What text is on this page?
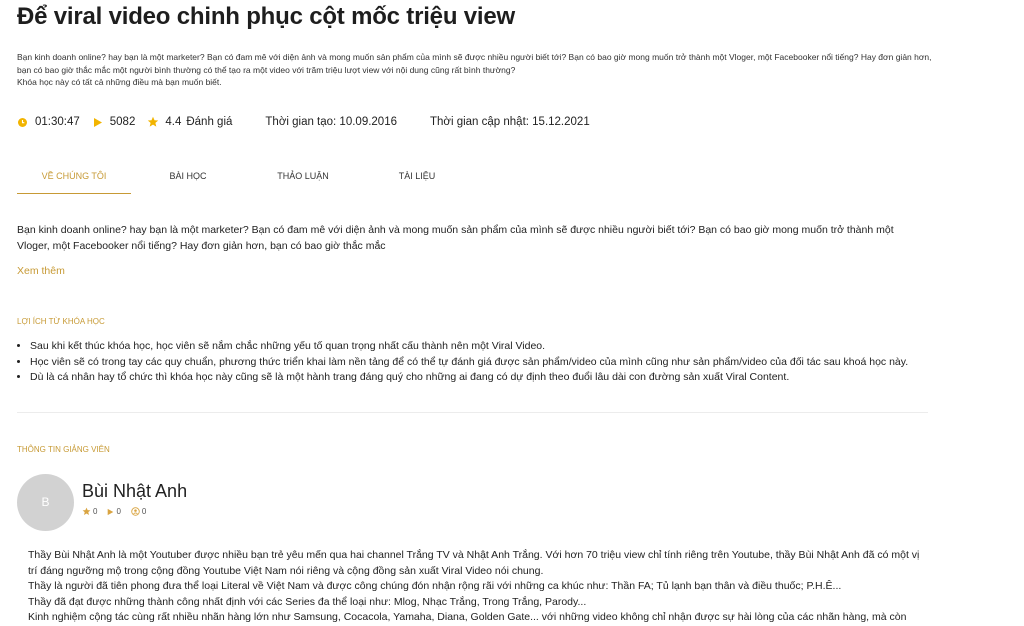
Để viral video chinh phục cột mốc triệu view
Bạn kinh doanh online? hay bạn là một marketer? Bạn có đam mê với diện ảnh và mong muốn sản phẩm của mình sẽ được nhiều người biết tới? Bạn có bao giờ mong muốn trở thành một Vloger, một Facebooker nổi tiếng? Hay đơn giản hơn,
bạn có bao giờ thắc mắc một người bình thường có thể tạo ra một video với trăm triệu lượt view với nội dung cũng rất bình thường?
Khóa học này có tất cả những điều mà bạn muốn biết.
01:30:47	5082	4.4 Đánh giá	Thời gian tạo: 10.09.2016	Thời gian cập nhật: 15.12.2021
VỀ CHÚNG TÔI	BÀI HỌC	THẢO LUẬN	TÀI LIỆU
Bạn kinh doanh online? hay bạn là một marketer? Bạn có đam mê với diện ảnh và mong muốn sản phẩm của mình sẽ được nhiều người biết tới? Bạn có bao giờ mong muốn trở thành một
Vloger, một Facebooker nổi tiếng? Hay đơn giản hơn, bạn có bao giờ thắc mắc
Xem thêm
LỢI ÍCH TỪ KHÓA HỌC
• Sau khi kết thúc khóa học, học viên sẽ nắm chắc những yếu tố quan trọng nhất cấu thành nên một Viral Video.
• Học viên sẽ có trong tay các quy chuẩn, phương thức triển khai làm nền tảng để có thể tự đánh giá được sản phẩm/video của mình cũng như sản phẩm/video của đối tác sau khoá học này.
• Dù là cá nhân hay tổ chức thì khóa học này cũng sẽ là một hành trang đáng quý cho những ai đang có dự định theo đuổi lâu dài con đường sản xuất Viral Content.
THÔNG TIN GIẢNG VIÊN
B
Bùi Nhật Anh
0 0	0
Thầy Bùi Nhật Anh là một Youtuber được nhiều bạn trẻ yêu mến qua hai channel Trắng TV và Nhật Anh Trắng. Với hơn 70 triệu view chỉ tính riêng trên Youtube, thầy Bùi Nhật Anh đã có một vị
trí đáng ngưỡng mộ trong cộng đồng Youtube Việt Nam nói riêng và cộng đồng sản xuất Viral Video nói chung.
Thầy là người đã tiên phong đưa thể loại Literal về Việt Nam và được công chúng đón nhận rộng rãi với những ca khúc như: Thần FA; Tủ lạnh bạn thân và điều thuốc; P.H.Ê...
Thầy đã đạt được những thành công nhất định với các Series đa thể loại như: Mlog, Nhạc Trắng, Trong Trắng, Parody...
Kinh nghiệm cộng tác cùng rất nhiều nhãn hàng lớn như Samsung, Cocacola, Yamaha, Diana, Golden Gate... với những video không chỉ nhận được sự hài lòng của các nhãn hàng, mà còn
